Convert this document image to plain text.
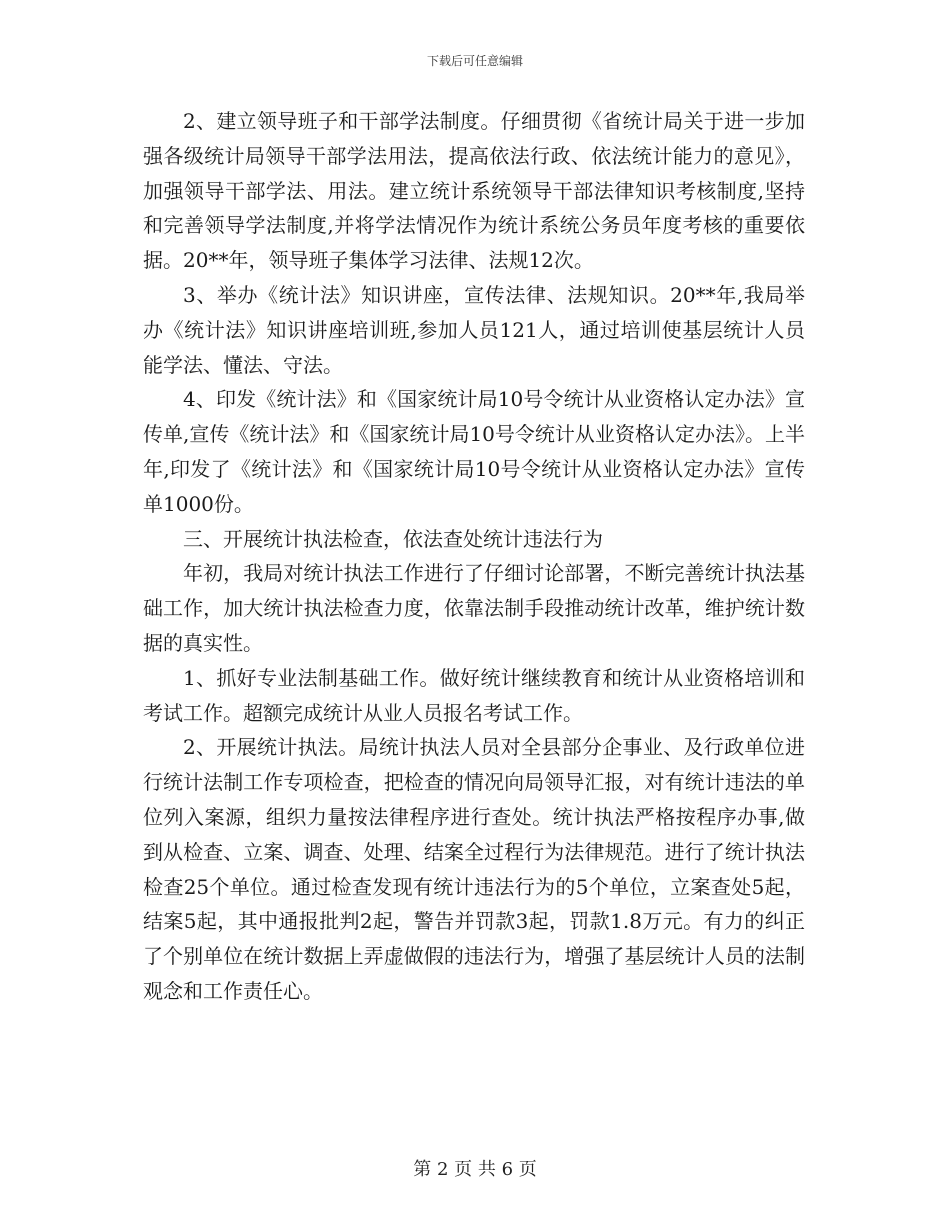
下载后可任意编辑

2、建立领导班子和干部学法制度。仔细贯彻《省统计局关于进一步加强各级统计局领导干部学法用法，提高依法行政、依法统计能力的意见》，加强领导干部学法、用法。建立统计系统领导干部法律知识考核制度,坚持和完善领导学法制度,并将学法情况作为统计系统公务员年度考核的重要依据。20**年，领导班子集体学习法律、法规12次。

3、举办《统计法》知识讲座，宣传法律、法规知识。20**年,我局举办《统计法》知识讲座培训班,参加人员121人，通过培训使基层统计人员能学法、懂法、守法。

4、印发《统计法》和《国家统计局10号令统计从业资格认定办法》宣传单,宣传《统计法》和《国家统计局10号令统计从业资格认定办法》。上半年,印发了《统计法》和《国家统计局10号令统计从业资格认定办法》宣传单1000份。

三、开展统计执法检查，依法查处统计违法行为

年初，我局对统计执法工作进行了仔细讨论部署，不断完善统计执法基础工作，加大统计执法检查力度，依靠法制手段推动统计改革，维护统计数据的真实性。

1、抓好专业法制基础工作。做好统计继续教育和统计从业资格培训和考试工作。超额完成统计从业人员报名考试工作。

2、开展统计执法。局统计执法人员对全县部分企事业、及行政单位进行统计法制工作专项检查，把检查的情况向局领导汇报，对有统计违法的单位列入案源，组织力量按法律程序进行查处。统计执法严格按程序办事,做到从检查、立案、调查、处理、结案全过程行为法律规范。进行了统计执法检查25个单位。通过检查发现有统计违法行为的5个单位，立案查处5起，结案5起，其中通报批判2起，警告并罚款3起，罚款1.8万元。有力的纠正了个别单位在统计数据上弄虚做假的违法行为，增强了基层统计人员的法制观念和工作责任心。

第 2 页 共 6 页
